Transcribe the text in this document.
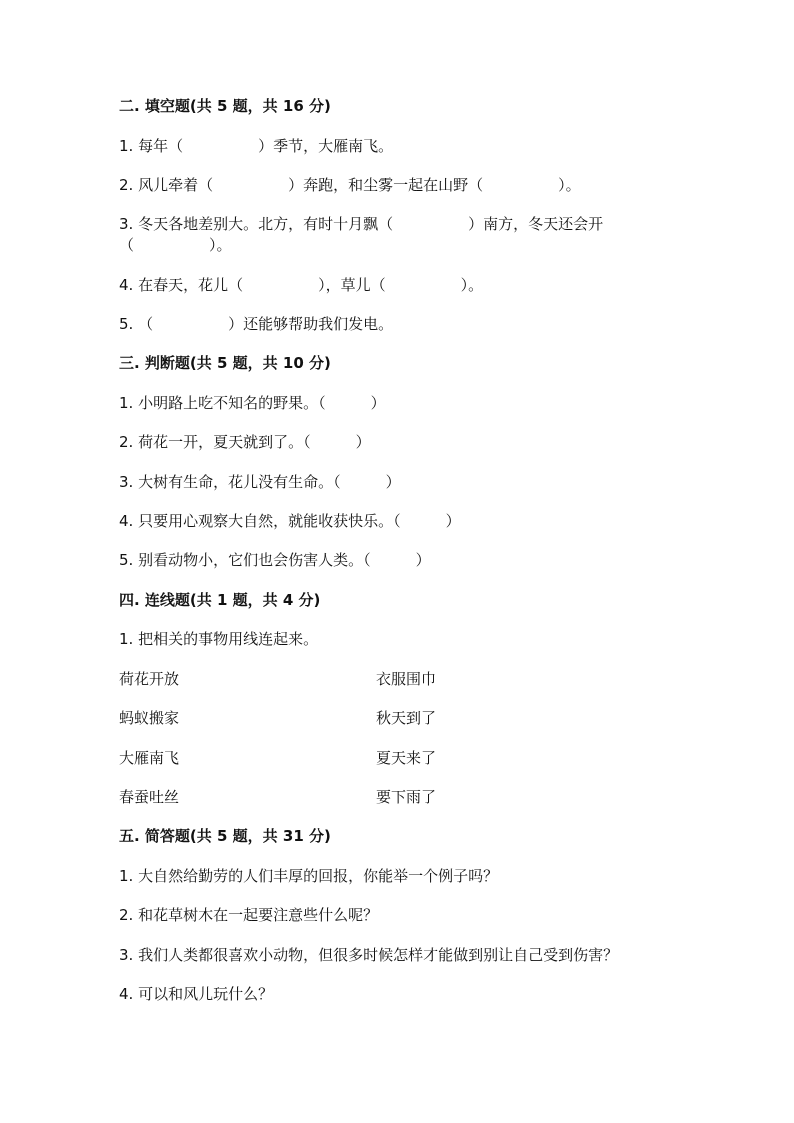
二. 填空题(共 5 题，共 16 分)
1. 每年（　　　　　）季节，大雁南飞。
2. 风儿牵着（　　　　　）奔跑，和尘雾一起在山野（　　　　　）。
3. 冬天各地差别大。北方，有时十月飘（　　　　　）南方，冬天还会开
（　　　　　）。
4. 在春天，花儿（　　　　　），草儿（　　　　　）。
5. （　　　　　）还能够帮助我们发电。
三. 判断题(共 5 题，共 10 分)
1. 小明路上吃不知名的野果。（　　　）
2. 荷花一开，夏天就到了。（　　　）
3. 大树有生命，花儿没有生命。（　　　）
4. 只要用心观察大自然，就能收获快乐。（　　　）
5. 别看动物小，它们也会伤害人类。（　　　）
四. 连线题(共 1 题，共 4 分)
1. 把相关的事物用线连起来。
荷花开放	衣服围巾
蚂蚁搬家	秋天到了
大雁南飞	夏天来了
春蚕吐丝	要下雨了
五. 简答题(共 5 题，共 31 分)
1. 大自然给勤劳的人们丰厚的回报，你能举一个例子吗？
2. 和花草树木在一起要注意些什么呢？
3. 我们人类都很喜欢小动物，但很多时候怎样才能做到别让自己受到伤害？
4. 可以和风儿玩什么？
